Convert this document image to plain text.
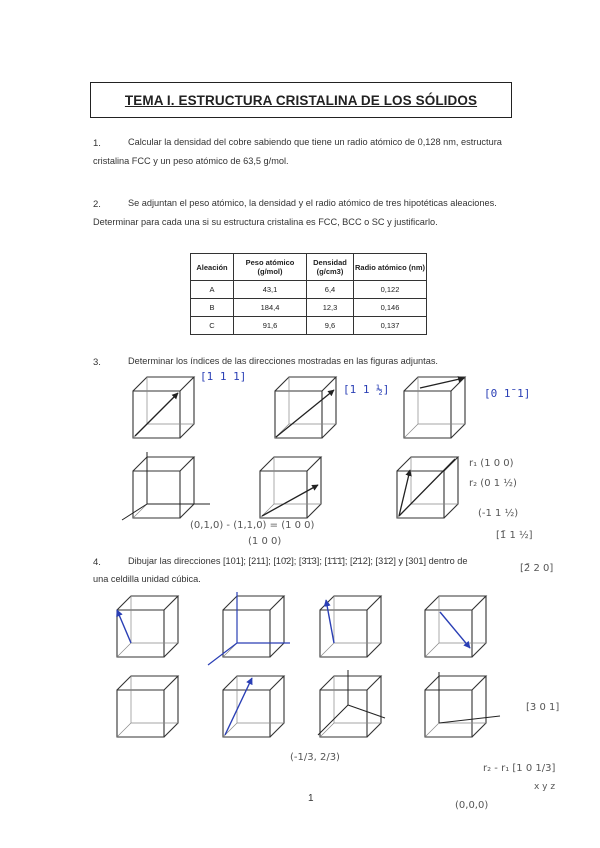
TEMA I. ESTRUCTURA CRISTALINA DE LOS SÓLIDOS
1.	Calcular la densidad del cobre sabiendo que tiene un radio atómico de 0,128 nm, estructura
cristalina FCC y un peso atómico de 63,5 g/mol.
2.	Se adjuntan el peso atómico, la densidad y el radio atómico de tres hipotéticas aleaciones.
Determinar para cada una si su estructura cristalina es FCC, BCC o SC y justificarlo.
Aleación	Peso atómico (g/mol)	Densidad (g/cm3)	Radio atómico (nm)
A	43,1	6,4	0,122
B	184,4	12,3	0,146
C	91,6	9,6	0,137
3.	Determinar los índices de las direcciones mostradas en las figuras adjuntas.
4.	Dibujar las direcciones [101]; [211]; [10̄2]; [3̄1̄3]; [1̄1̄1̄]; [2̄12]; [31̄2] y [301] dentro de
una celdilla unidad cúbica.
[1 1 1]
[1 1 ½]	[0 1̄ 1]
r₁ (1 0 0)
r₂ (0 1 ½)
(-1 1 ½)
[1̄ 1 ½]
(0,1,0) - (1,1,0) = (1 0 0)
(1 0 0)
[2̄ 2 0]
[3 0 1]
r₂ - r₁ [1 0 1/3]
x y z
(0,0,0)
(-1/3, 2/3)
1
